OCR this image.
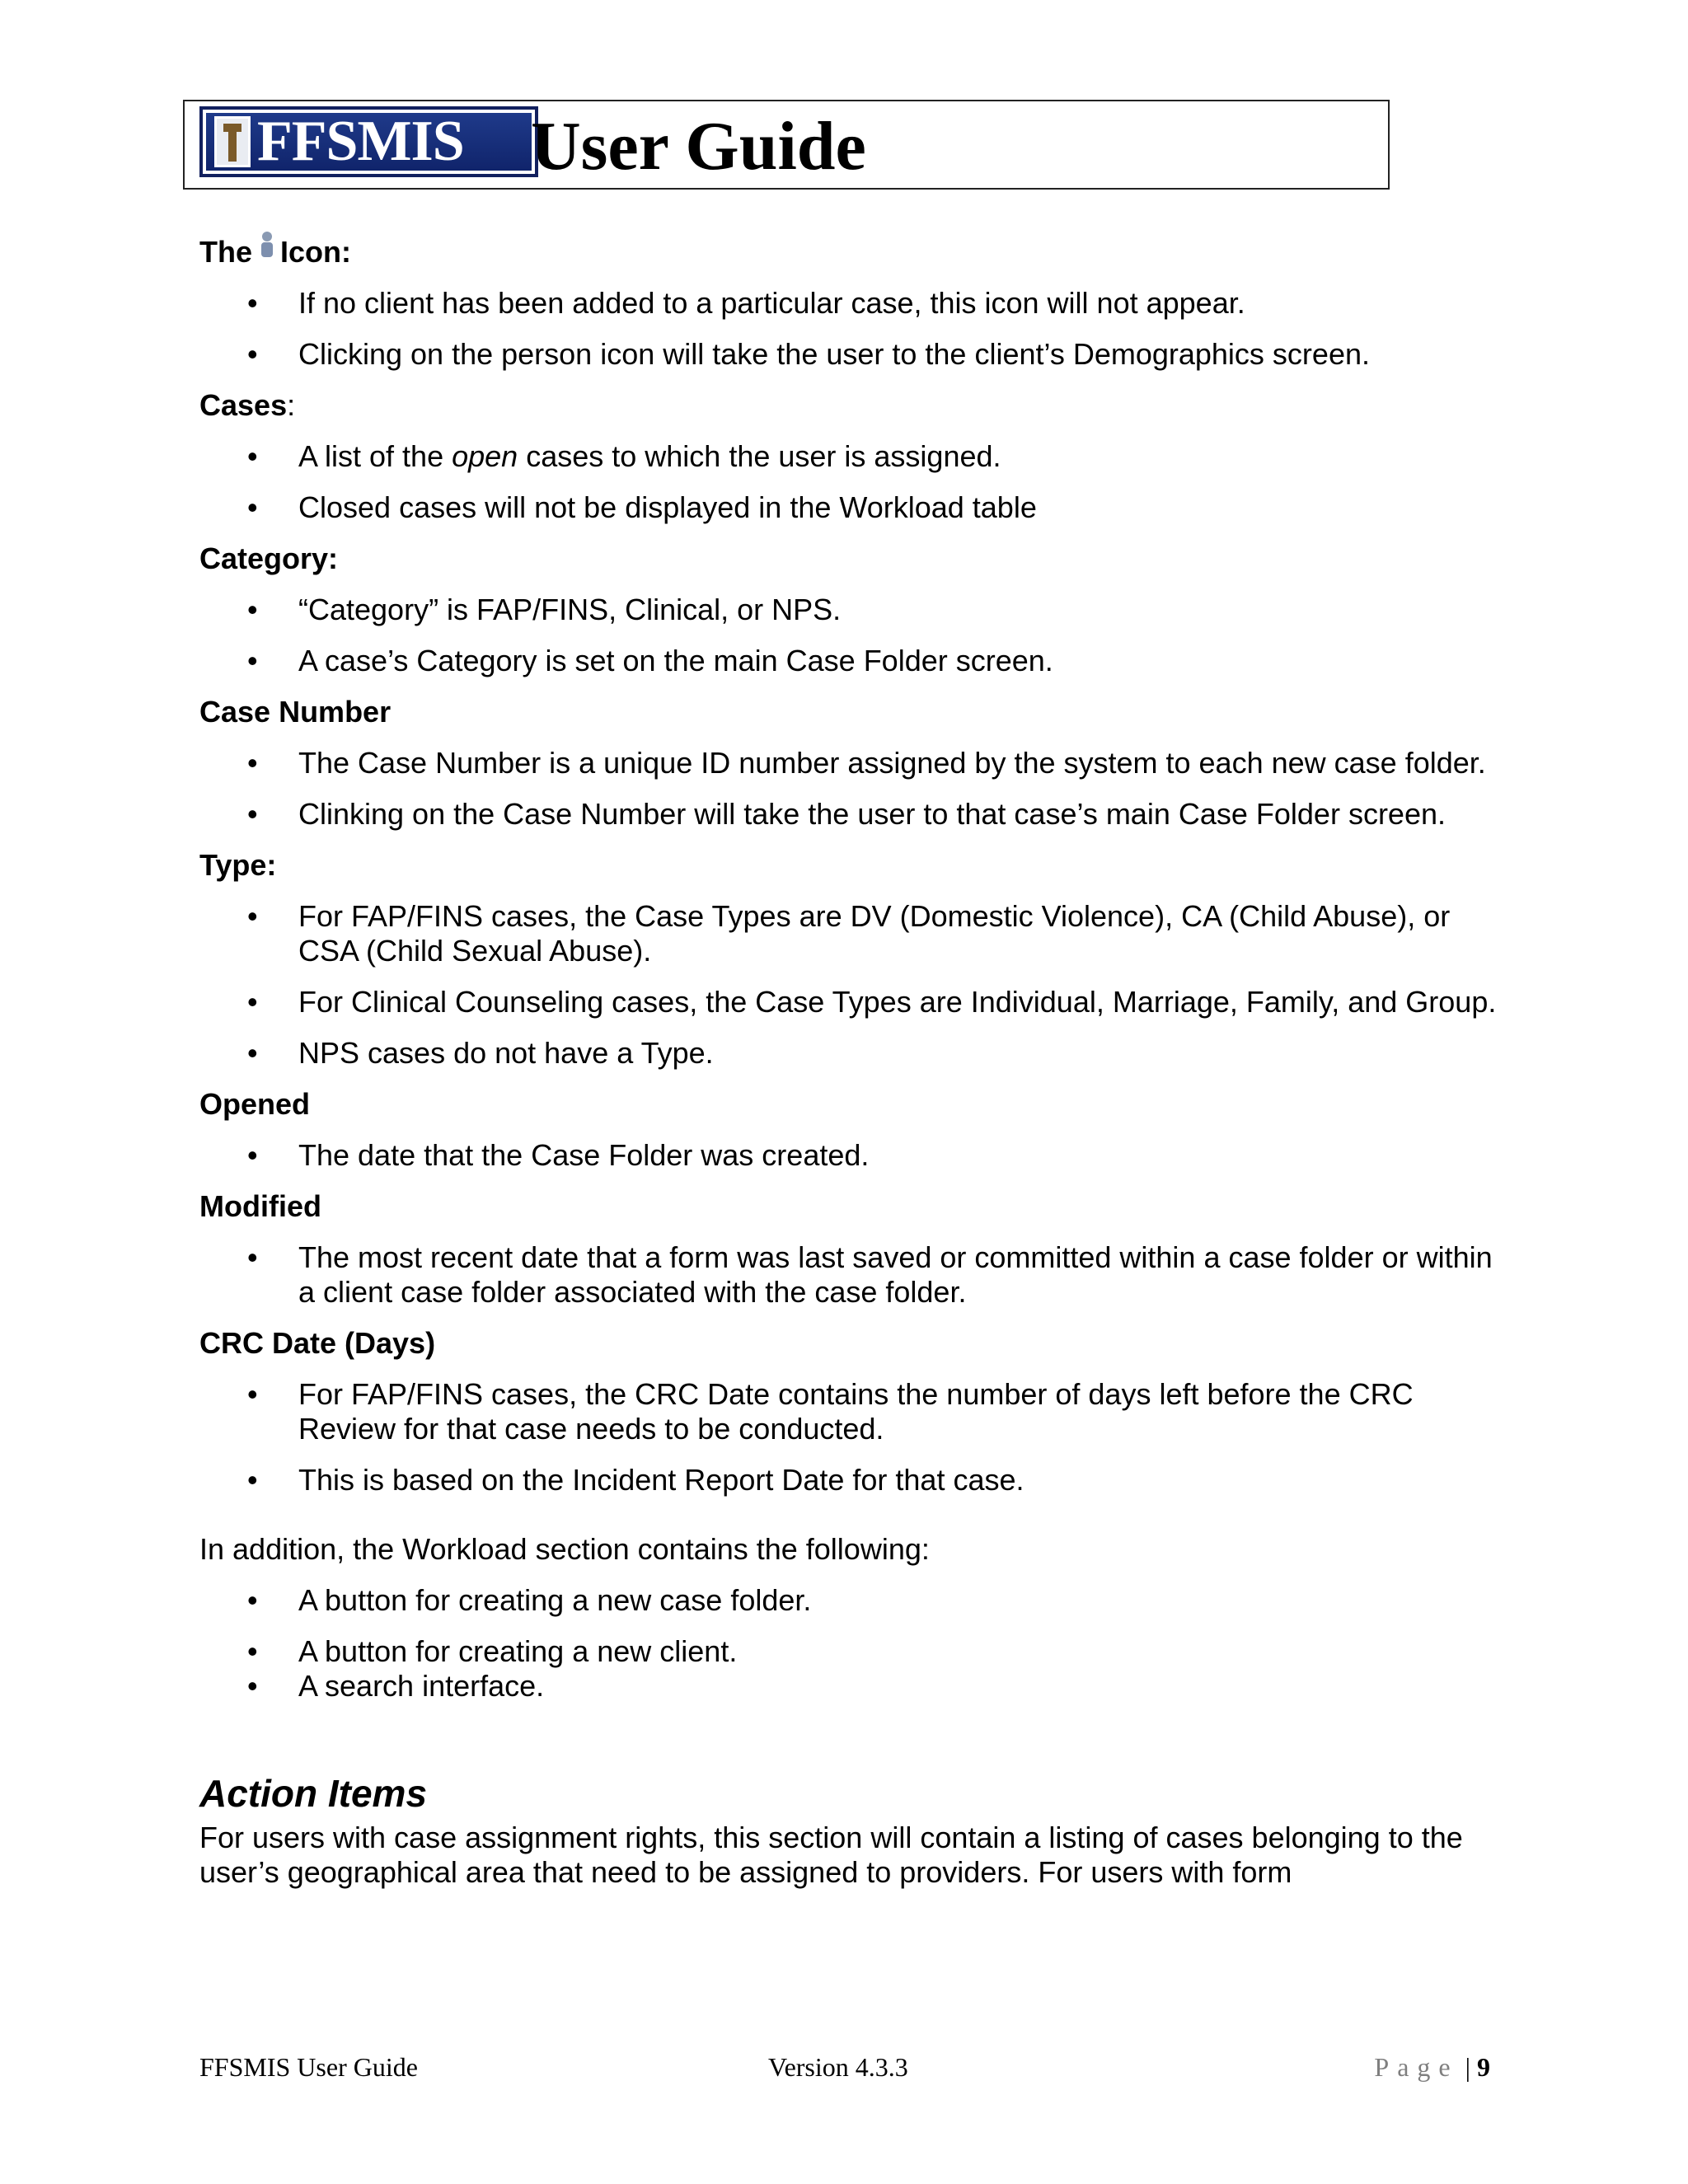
FFSMIS User Guide
The Icon:
• If no client has been added to a particular case, this icon will not appear.
• Clicking on the person icon will take the user to the client’s Demographics screen.
Cases:
• A list of the open cases to which the user is assigned.
• Closed cases will not be displayed in the Workload table
Category:
• “Category” is FAP/FINS, Clinical, or NPS.
• A case’s Category is set on the main Case Folder screen.
Case Number
• The Case Number is a unique ID number assigned by the system to each new case folder.
• Clinking on the Case Number will take the user to that case’s main Case Folder screen.
Type:
• For FAP/FINS cases, the Case Types are DV (Domestic Violence), CA (Child Abuse), or CSA (Child Sexual Abuse).
• For Clinical Counseling cases, the Case Types are Individual, Marriage, Family, and Group.
• NPS cases do not have a Type.
Opened
• The date that the Case Folder was created.
Modified
• The most recent date that a form was last saved or committed within a case folder or within a client case folder associated with the case folder.
CRC Date (Days)
• For FAP/FINS cases, the CRC Date contains the number of days left before the CRC Review for that case needs to be conducted.
• This is based on the Incident Report Date for that case.

In addition, the Workload section contains the following:

• A button for creating a new case folder.
• A button for creating a new client.
• A search interface.
Action Items

For users with case assignment rights, this section will contain a listing of cases belonging to the user’s geographical area that need to be assigned to providers. For users with form

FFSMIS User Guide	Version 4.3.3	Page | 9
